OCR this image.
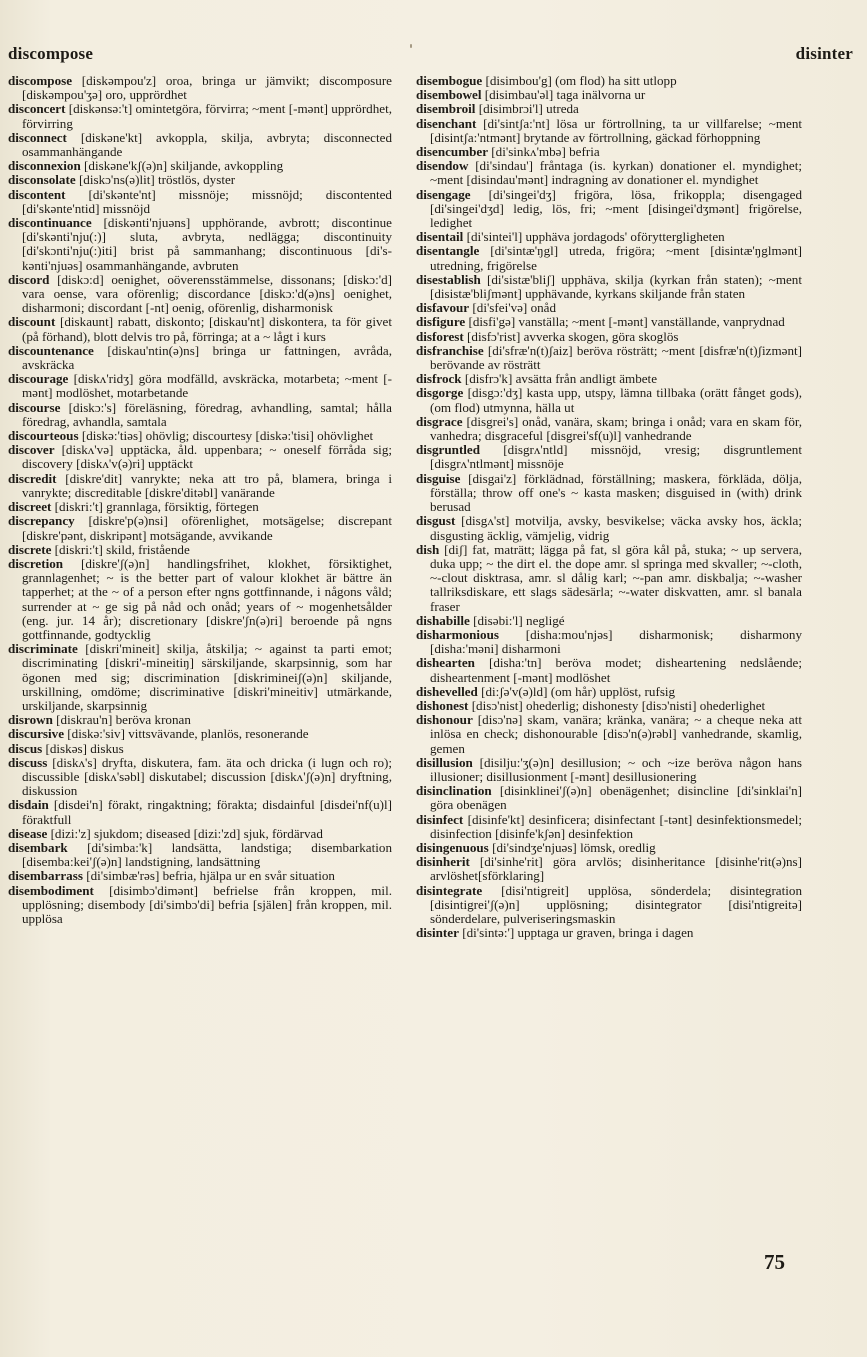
discompose	disinter

discompose [diskəmpou'z] oroa, bringa ur jämvikt; discomposure [diskəmpou'ʒə] oro, upprördhet

disconcert [diskənsə:'t] omintetgöra, förvirra; ~ment [-mənt] upprördhet, förvirring

disconnect [diskəne'kt] avkoppla, skilja, avbryta; disconnected osammanhängande

disconnexion [diskəne'kʃ(ə)n] skiljande, avkoppling

disconsolate [diskɔ'ns(ə)lit] tröstlös, dyster

discontent [di'skənte'nt] missnöje; missnöjd; discontented [di'skənte'ntid] missnöjd

discontinuance [diskənti'njuəns] upphörande, avbrott; discontinue [di'skənti'nju(:)] sluta, avbryta, nedlägga; discontinuity [di'skɔnti'nju(:)iti] brist på sammanhang; discontinuous [di's-kənti'njuəs] osammanhängande, avbruten

discord [diskɔ:d] oenighet, oöverensstämmelse, dissonans; [diskɔ:'d] vara oense, vara oförenlig; discordance [diskɔ:'d(ə)ns] oenighet, disharmoni; discordant [-nt] oenig, oförenlig, disharmonisk

discount [diskaunt] rabatt, diskonto; [diskau'nt] diskontera, ta för givet (på förhand), blott delvis tro på, förringa; at a ~ lågt i kurs

discountenance [diskau'ntin(ə)ns] bringa ur fattningen, avråda, avskräcka

discourage [diskʌ'ridʒ] göra modfälld, avskräcka, motarbeta; ~ment [-mənt] modlöshet, motarbetande

discourse [diskɔ:'s] föreläsning, föredrag, avhandling, samtal; hålla föredrag, avhandla, samtala

discourteous [diskə:'tiəs] ohövlig; discourtesy [diskə:'tisi] ohövlighet

discover [diskʌ'və] upptäcka, åld. uppenbara; ~ oneself förråda sig; discovery [diskʌ'v(ə)ri] upptäckt

discredit [diskre'dit] vanrykte; neka att tro på, blamera, bringa i vanrykte; discreditable [diskre'ditəbl] vanärande

discreet [diskri:'t] grannlaga, försiktig, förtegen

discrepancy [diskre'p(ə)nsi] oförenlighet, motsägelse; discrepant [diskre'pənt, diskripənt] motsägande, avvikande

discrete [diskri:'t] skild, fristående

discretion [diskre'ʃ(ə)n] handlingsfrihet, klokhet, försiktighet, grannlagenhet; ~ is the better part of valour klokhet är bättre än tapperhet; at the ~ of a person efter ngns gottfinnande, i någons våld; surrender at ~ ge sig på nåd och onåd; years of ~ mogenhetsålder (eng. jur. 14 år); discretionary [diskre'ʃn(ə)ri] beroende på ngns gottfinnande, godtycklig

discriminate [diskri'mineit] skilja, åtskilja; ~ against ta parti emot; discriminating [diskri'-mineitiŋ] särskiljande, skarpsinnig, som har ögonen med sig; discrimination [diskrimineiʃ(ə)n] skiljande, urskillning, omdöme; discriminative [diskri'mineitiv] utmärkande, urskiljande, skarpsinnig

disrown [diskrau'n] beröva kronan

discursive [diskə:'siv] vittsvävande, planlös, resonerande

discus [diskəs] diskus

discuss [diskʌ's] dryfta, diskutera, fam. äta och dricka (i lugn och ro); discussible [diskʌ'səbl] diskutabel; discussion [diskʌ'ʃ(ə)n] dryftning, diskussion

disdain [disdei'n] förakt, ringaktning; förakta; disdainful [disdei'nf(u)l] föraktfull

disease [dizi:'z] sjukdom; diseased [dizi:'zd] sjuk, fördärvad

disembark [di'simba:'k] landsätta, landstiga; disembarkation [disemba:kei'ʃ(ə)n] landstigning, landsättning

disembarrass [di'simbæ'rəs] befria, hjälpa ur en svår situation

disembodiment [disimbɔ'dimənt] befrielse från kroppen, mil. upplösning; disembody [di'simbɔ'di] befria [själen] från kroppen, mil. upplösa

disembogue [disimbou'g] (om flod) ha sitt utlopp

disembowel [disimbau'əl] taga inälvorna ur

disembroil [disimbrɔi'l] utreda

disenchant [di'sintʃa:'nt] lösa ur förtrollning, ta ur villfarelse; ~ment [disintʃa:'ntmənt] brytande av förtrollning, gäckad förhoppning

disencumber [di'sinkʌ'mbə] befria

disendow [di'sindau'] fråntaga (is. kyrkan) donationer el. myndighet; ~ment [disindau'mənt] indragning av donationer el. myndighet

disengage [di'singei'dʒ] frigöra, lösa, frikoppla; disengaged [di'singei'dʒd] ledig, lös, fri; ~ment [disingei'dʒmənt] frigörelse, ledighet

disentail [di'sintei'l] upphäva jordagods' oföryttergligheten

disentangle [di'sintæ'ŋgl] utreda, frigöra; ~ment [disintæ'ŋglmənt] utredning, frigörelse

disestablish [di'sistæ'bliʃ] upphäva, skilja (kyrkan från staten); ~ment [disistæ'bliʃmənt] upphävande, kyrkans skiljande från staten

disfavour [di'sfei'və] onåd

disfigure [disfi'gə] vanställa; ~ment [-mənt] vanställande, vanprydnad

disforest [disfɔ'rist] avverka skogen, göra skoglös

disfranchise [di'sfræ'n(t)ʃaiz] beröva rösträtt; ~ment [disfræ'n(t)ʃizmənt] berövande av rösträtt

disfrock [disfrɔ'k] avsätta från andligt ämbete

disgorge [disgɔ:'dʒ] kasta upp, utspy, lämna tillbaka (orätt fånget gods), (om flod) utmynna, hälla ut

disgrace [disgrei's] onåd, vanära, skam; bringa i onåd; vara en skam för, vanhedra; disgraceful [disgrei'sf(u)l] vanhedrande

disgruntled [disgrʌ'ntld] missnöjd, vresig; disgruntlement [disgrʌ'ntlmənt] missnöje

disguise [disgai'z] förklädnad, förställning; maskera, förkläda, dölja, förställa; throw off one's ~ kasta masken; disguised in (with) drink berusad

disgust [disgʌ'st] motvilja, avsky, besvikelse; väcka avsky hos, äckla; disgusting äcklig, vämjelig, vidrig

dish [diʃ] fat, maträtt; lägga på fat, sl göra kål på, stuka; ~ up servera, duka upp; ~ the dirt el. the dope amr. sl springa med skvaller; ~-cloth, ~-clout disktrasa, amr. sl dålig karl; ~-pan amr. diskbalja; ~-washer tallriksdiskare, ett slags sädesärla; ~-water diskvatten, amr. sl banala fraser

dishabille [disəbi:'l] negligé

disharmonious [disha:mou'njəs] disharmonisk; disharmony [disha:'məni] disharmoni

dishearten [disha:'tn] beröva modet; disheartening nedslående; disheartenment [-mənt] modlöshet

dishevelled [di:ʃə'v(ə)ld] (om hår) upplöst, rufsig

dishonest [disɔ'nist] ohederlig; dishonesty [disɔ'nisti] ohederlighet

dishonour [disɔ'nə] skam, vanära; kränka, vanära; ~ a cheque neka att inlösa en check; dishonourable [disɔ'n(ə)rəbl] vanhedrande, skamlig, gemen

disillusion [disilju:'ʒ(ə)n] desillusion; ~ och ~ize beröva någon hans illusioner; disillusionment [-mənt] desillusionering

disinclination [disinklinei'ʃ(ə)n] obenägenhet; disincline [di'sinklai'n] göra obenägen

disinfect [disinfe'kt] desinficera; disinfectant [-tənt] desinfektionsmedel; disinfection [disinfe'kʃən] desinfektion

disingenuous [di'sindʒe'njuəs] lömsk, oredlig

disinherit [di'sinhe'rit] göra arvlös; disinheritance [disinhe'rit(ə)ns] arvlöshet[sförklaring]

disintegrate [disi'ntigreit] upplösa, sönderdela; disintegration [disintigrei'ʃ(ə)n] upplösning; disintegrator [disi'ntigreitə] sönderdelare, pulveriseringsmaskin

disinter [di'sintə:'] upptaga ur graven, bringa i dagen

75
